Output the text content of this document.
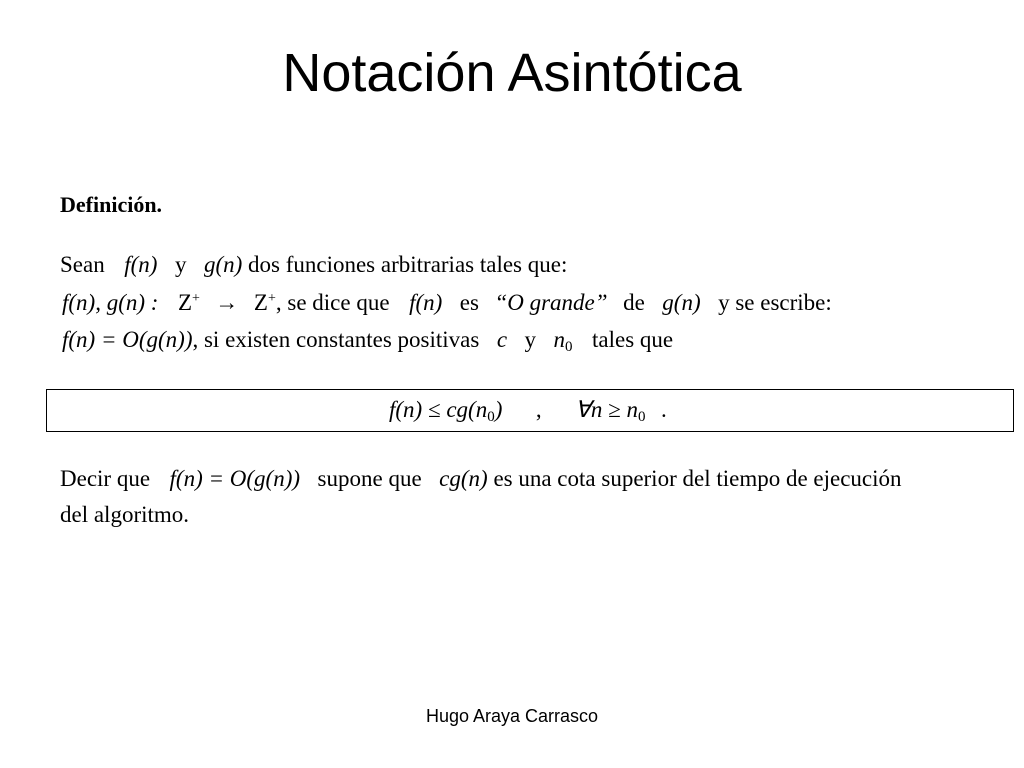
Notación Asintótica
Definición.
Sean f(n) y g(n) dos funciones arbitrarias tales que:
f(n), g(n) : Z+ → Z+, se dice que f(n) es “O grande” de g(n) y se escribe:
f(n) = O(g(n)), si existen constantes positivas c y $n_0$ tales que
$f(n) \le cg(n_0)$ , ∀n ≥ $n_0$ .
Decir que f(n) = O(g(n)) supone que cg(n) es una cota superior del tiempo de ejecución
del algoritmo.
Hugo Araya Carrasco
